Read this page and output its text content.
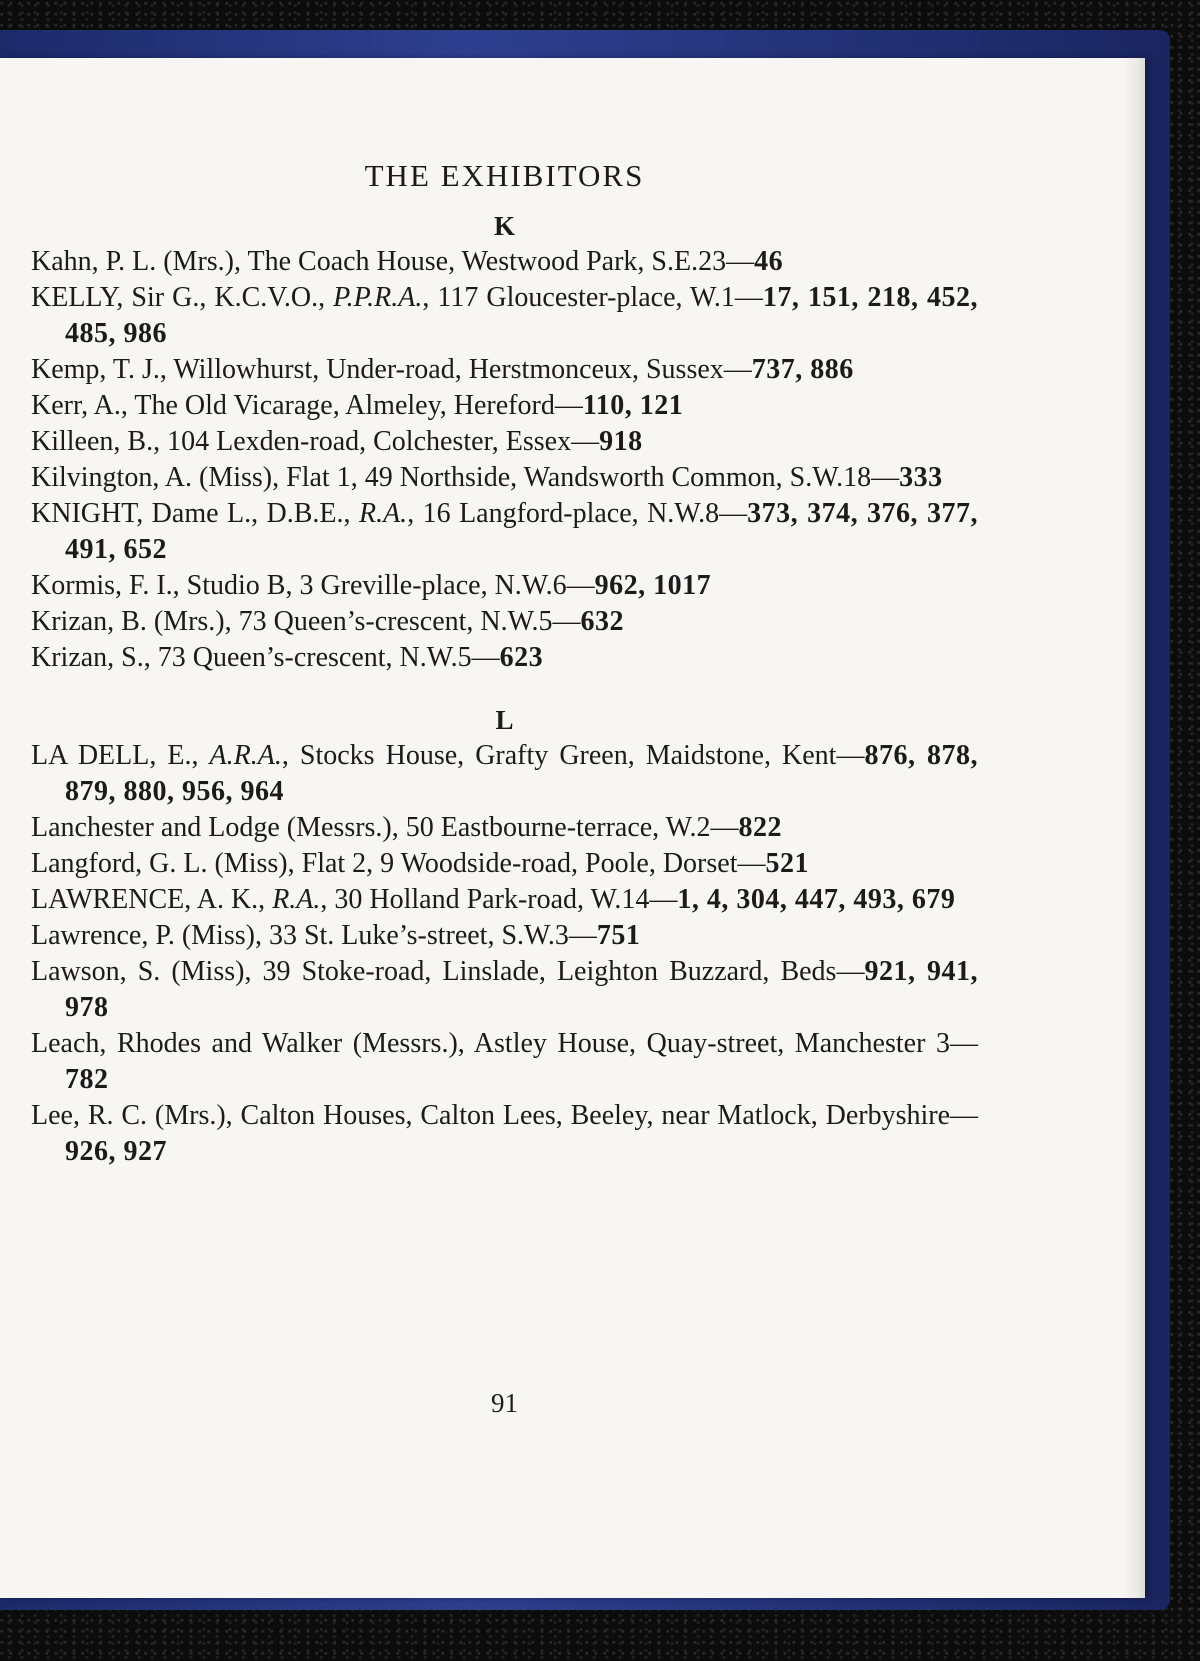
THE EXHIBITORS
K
Kahn, P. L. (Mrs.), The Coach House, Westwood Park, S.E.23—46
KELLY, Sir G., K.C.V.O., P.P.R.A., 117 Gloucester-place, W.1—17, 151, 218, 452, 485, 986
Kemp, T. J., Willowhurst, Under-road, Herstmonceux, Sussex—737, 886
Kerr, A., The Old Vicarage, Almeley, Hereford—110, 121
Killeen, B., 104 Lexden-road, Colchester, Essex—918
Kilvington, A. (Miss), Flat 1, 49 Northside, Wandsworth Common, S.W.18—333
KNIGHT, Dame L., D.B.E., R.A., 16 Langford-place, N.W.8—373, 374, 376, 377, 491, 652
Kormis, F. I., Studio B, 3 Greville-place, N.W.6—962, 1017
Krizan, B. (Mrs.), 73 Queen’s-crescent, N.W.5—632
Krizan, S., 73 Queen’s-crescent, N.W.5—623
L
LA DELL, E., A.R.A., Stocks House, Grafty Green, Maidstone, Kent—876, 878, 879, 880, 956, 964
Lanchester and Lodge (Messrs.), 50 Eastbourne-terrace, W.2—822
Langford, G. L. (Miss), Flat 2, 9 Woodside-road, Poole, Dorset—521
LAWRENCE, A. K., R.A., 30 Holland Park-road, W.14—1, 4, 304, 447, 493, 679
Lawrence, P. (Miss), 33 St. Luke’s-street, S.W.3—751
Lawson, S. (Miss), 39 Stoke-road, Linslade, Leighton Buzzard, Beds—921, 941, 978
Leach, Rhodes and Walker (Messrs.), Astley House, Quay-street, Manchester 3—782
Lee, R. C. (Mrs.), Calton Houses, Calton Lees, Beeley, near Matlock, Derbyshire—926, 927
91
